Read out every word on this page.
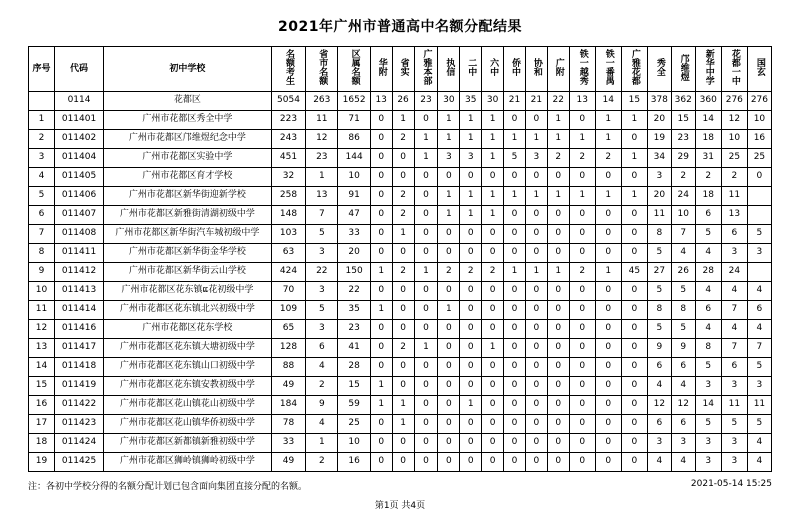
2021年广州市普通高中名额分配结果
序号	代码	初中学校	名额考生	省市名额	区属名额	华附	省实	广雅本部	执信	二中	六中	侨中	协和	广附	铁一越秀	铁一番禺	广雅花都	秀全	邝维煜	新华中学	花都一中	国玄
	0114	花都区	5054	263	1652	13	26	23	30	35	30	21	21	22	13	14	15	378	362	360	276	276
1	011401	广州市花都区秀全中学	223	11	71	0	1	0	1	1	1	0	0	1	0	1	1	20	15	14	12	10
2	011402	广州市花都区邝维煜纪念中学	243	12	86	0	2	1	1	1	1	1	1	1	1	1	0	19	23	18	10	16
3	011404	广州市花都区实验中学	451	23	144	0	0	1	3	3	1	5	3	2	2	2	1	34	29	31	25	25
4	011405	广州市花都区育才学校	32	1	10	0	0	0	0	0	0	0	0	0	0	0	0	3	2	2	2	0
5	011406	广州市花都区新华街迎新学校	258	13	91	0	2	0	1	1	1	1	1	1	1	1	1	20	24	18	11	
6	011407	广州市花都区新雅街清湖初级中学	148	7	47	0	2	0	1	1	1	0	0	0	0	0	0	11	10	6	13	
7	011408	广州市花都区新华街汽车城初级中学	103	5	33	0	1	0	0	0	0	0	0	0	0	0	0	8	7	5	6	5
8	011411	广州市花都区新华街金华学校	63	3	20	0	0	0	0	0	0	0	0	0	0	0	0	5	4	4	3	3
9	011412	广州市花都区新华街云山学校	424	22	150	1	2	1	2	2	2	1	1	1	2	1	45	27	26	28	24	
10	011413	广州市花都区花东镇ແ花初级中学	70	3	22	0	0	0	0	0	0	0	0	0	0	0	0	5	5	4	4	4
11	011414	广州市花都区花东镇北兴初级中学	109	5	35	1	0	0	1	0	0	0	0	0	0	0	0	8	8	6	7	6
12	011416	广州市花都区花东学校	65	3	23	0	0	0	0	0	0	0	0	0	0	0	0	5	5	4	4	4
13	011417	广州市花都区花东镇大塘初级中学	128	6	41	0	2	1	0	0	1	0	0	0	0	0	0	9	9	8	7	7
14	011418	广州市花都区花东镇山口初级中学	88	4	28	0	0	0	0	0	0	0	0	0	0	0	0	6	6	5	6	5
15	011419	广州市花都区花东镇安教初级中学	49	2	15	1	0	0	0	0	0	0	0	0	0	0	0	4	4	3	3	3
16	011422	广州市花都区花山镇花山初级中学	184	9	59	1	1	0	0	1	0	0	0	0	0	0	0	12	12	14	11	11
17	011423	广州市花都区花山镇华侨初级中学	78	4	25	0	1	0	0	0	0	0	0	0	0	0	0	6	6	5	5	5
18	011424	广州市花都区新都镇新雅初级中学	33	1	10	0	0	0	0	0	0	0	0	0	0	0	0	3	3	3	3	4
19	011425	广州市花都区狮岭镇狮岭初级中学	49	2	16	0	0	0	0	0	0	0	0	0	0	0	0	4	4	3	3	4
注：各初中学校分得的名额分配计划已包含面向集团直接分配的名额。	2021-05-14 15:25
第1页 共4页
